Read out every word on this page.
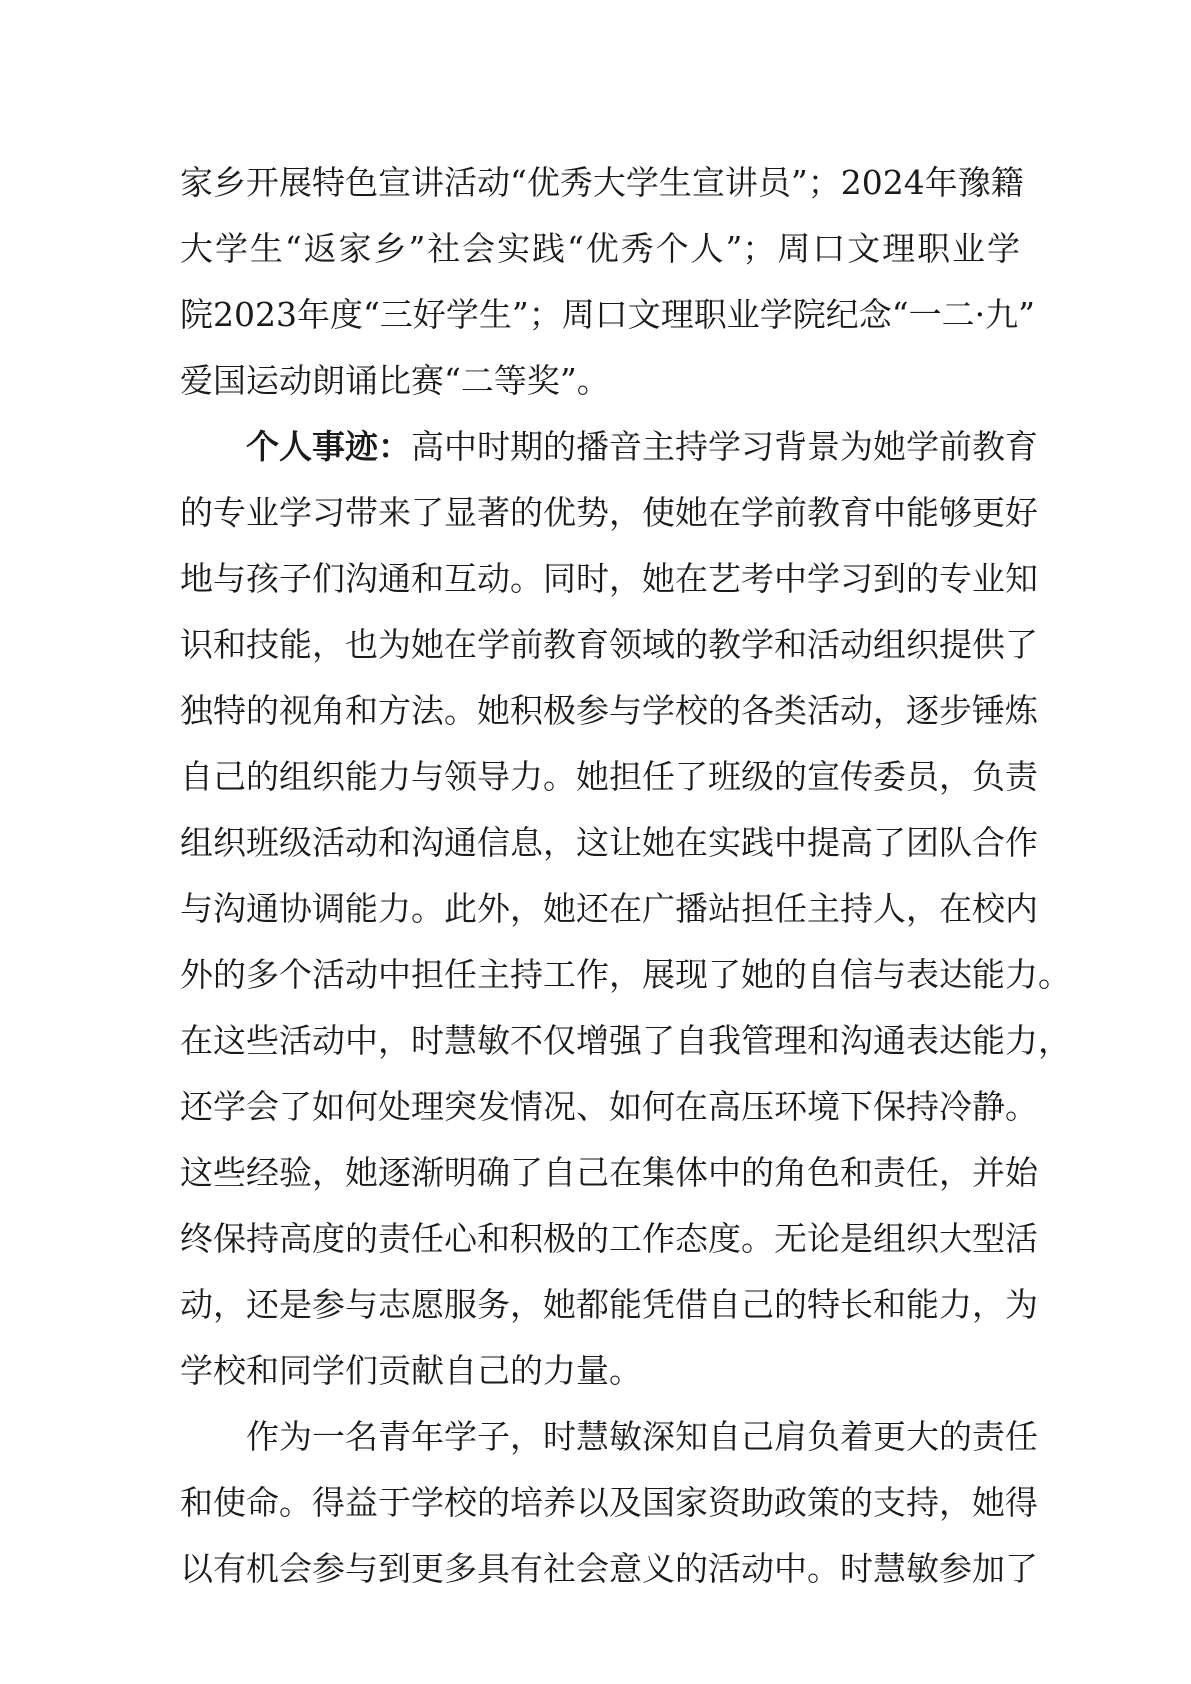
家乡开展特色宣讲活动“优秀大学生宣讲员”；2024年豫籍
大学生“返家乡”社会实践“优秀个人”；周口文理职业学
院2023年度“三好学生”；周口文理职业学院纪念“一二·九”
爱国运动朗诵比赛“二等奖”。
个人事迹：高中时期的播音主持学习背景为她学前教育
的专业学习带来了显著的优势，使她在学前教育中能够更好
地与孩子们沟通和互动。同时，她在艺考中学习到的专业知
识和技能，也为她在学前教育领域的教学和活动组织提供了
独特的视角和方法。她积极参与学校的各类活动，逐步锤炼
自己的组织能力与领导力。她担任了班级的宣传委员，负责
组织班级活动和沟通信息，这让她在实践中提高了团队合作
与沟通协调能力。此外，她还在广播站担任主持人，在校内
外的多个活动中担任主持工作，展现了她的自信与表达能力。
在这些活动中，时慧敏不仅增强了自我管理和沟通表达能力，
还学会了如何处理突发情况、如何在高压环境下保持冷静。
这些经验，她逐渐明确了自己在集体中的角色和责任，并始
终保持高度的责任心和积极的工作态度。无论是组织大型活
动，还是参与志愿服务，她都能凭借自己的特长和能力，为
学校和同学们贡献自己的力量。
作为一名青年学子，时慧敏深知自己肩负着更大的责任
和使命。得益于学校的培养以及国家资助政策的支持，她得
以有机会参与到更多具有社会意义的活动中。时慧敏参加了
